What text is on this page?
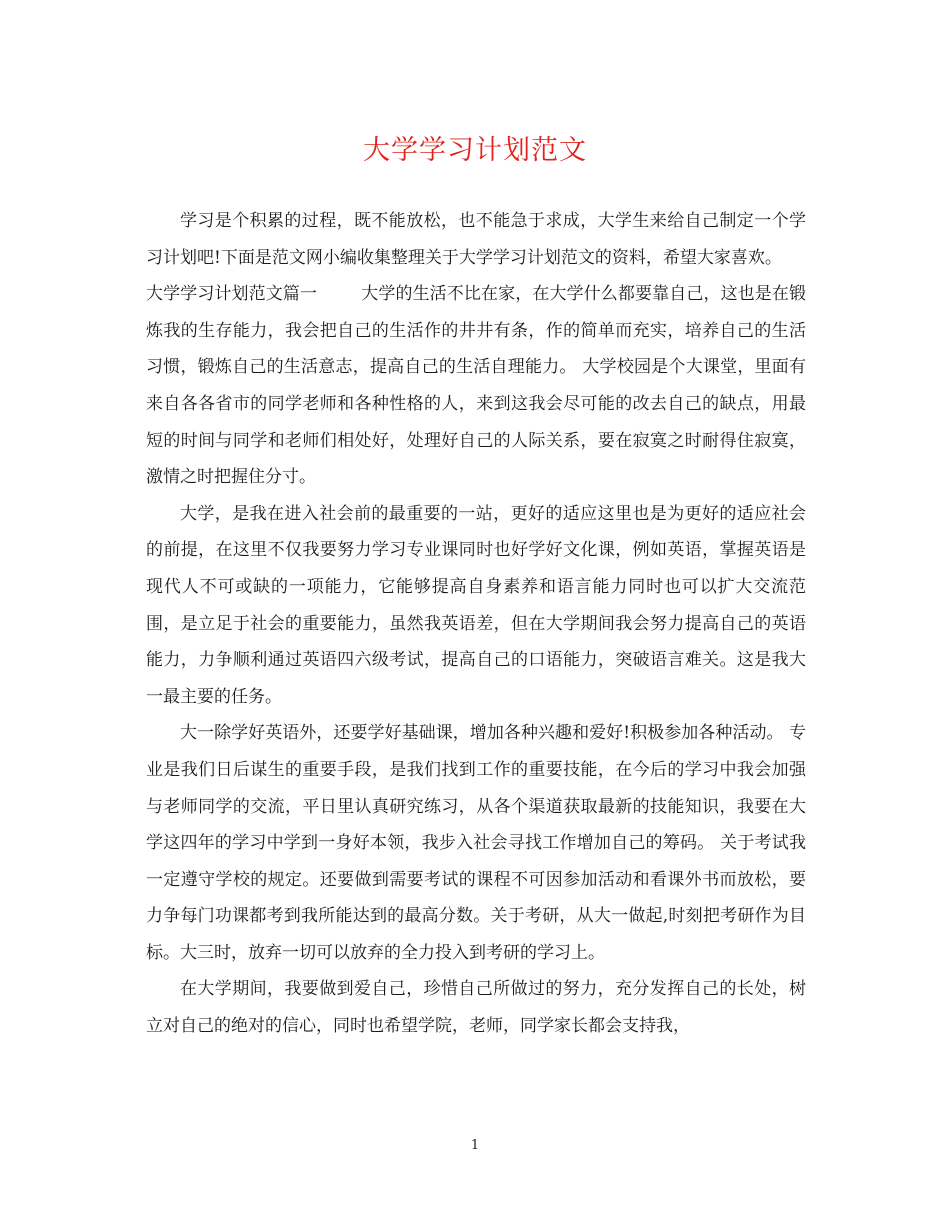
大学学习计划范文

学习是个积累的过程，既不能放松，也不能急于求成，大学生来给自己制定一个学习计划吧!下面是范文网小编收集整理关于大学学习计划范文的资料，希望大家喜欢。

大学学习计划范文篇一	大学的生活不比在家，在大学什么都要靠自己，这也是在锻炼我的生存能力，我会把自己的生活作的井井有条，作的简单而充实，培养自己的生活习惯，锻炼自己的生活意志，提高自己的生活自理能力。 大学校园是个大课堂，里面有来自各各省市的同学老师和各种性格的人，来到这我会尽可能的改去自己的缺点，用最短的时间与同学和老师们相处好，处理好自己的人际关系，要在寂寞之时耐得住寂寞，激情之时把握住分寸。

大学，是我在进入社会前的最重要的一站，更好的适应这里也是为更好的适应社会的前提，在这里不仅我要努力学习专业课同时也好学好文化课，例如英语，掌握英语是现代人不可或缺的一项能力，它能够提高自身素养和语言能力同时也可以扩大交流范围，是立足于社会的重要能力，虽然我英语差，但在大学期间我会努力提高自己的英语能力，力争顺利通过英语四六级考试，提高自己的口语能力，突破语言难关。这是我大一最主要的任务。

大一除学好英语外，还要学好基础课，增加各种兴趣和爱好!积极参加各种活动。 专业是我们日后谋生的重要手段，是我们找到工作的重要技能，在今后的学习中我会加强与老师同学的交流，平日里认真研究练习，从各个渠道获取最新的技能知识，我要在大学这四年的学习中学到一身好本领，我步入社会寻找工作增加自己的筹码。 关于考试我一定遵守学校的规定。还要做到需要考试的课程不可因参加活动和看课外书而放松，要力争每门功课都考到我所能达到的最高分数。关于考研，从大一做起,时刻把考研作为目标。大三时，放弃一切可以放弃的全力投入到考研的学习上。

在大学期间，我要做到爱自己，珍惜自己所做过的努力，充分发挥自己的长处，树立对自己的绝对的信心，同时也希望学院，老师，同学家长都会支持我，

1
